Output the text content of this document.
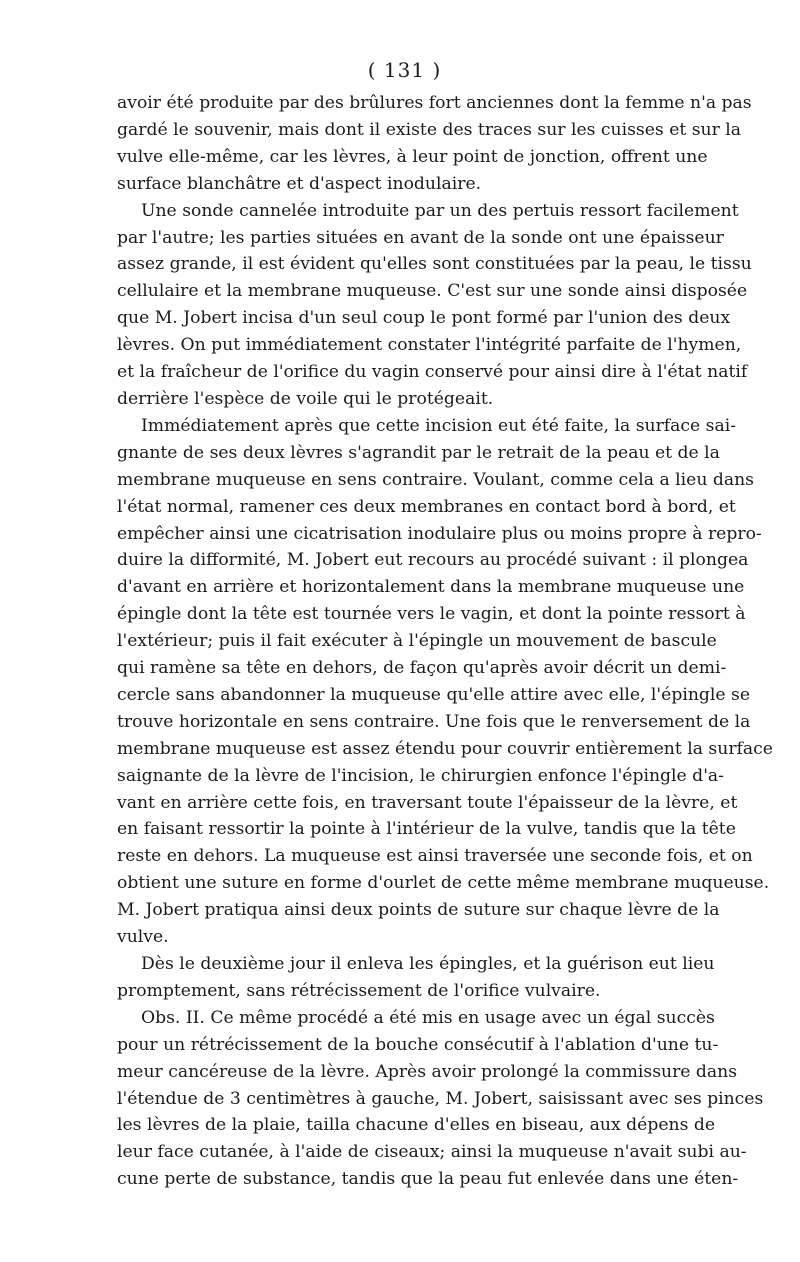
( 131 )
avoir été produite par des brûlures fort anciennes dont la femme n'a pas
gardé le souvenir, mais dont il existe des traces sur les cuisses et sur la
vulve elle-même, car les lèvres, à leur point de jonction, offrent une
surface blanchâtre et d'aspect inodulaire.
Une sonde cannelée introduite par un des pertuis ressort facilement
par l'autre; les parties situées en avant de la sonde ont une épaisseur
assez grande, il est évident qu'elles sont constituées par la peau, le tissu
cellulaire et la membrane muqueuse. C'est sur une sonde ainsi disposée
que M. Jobert incisa d'un seul coup le pont formé par l'union des deux
lèvres. On put immédiatement constater l'intégrité parfaite de l'hymen,
et la fraîcheur de l'orifice du vagin conservé pour ainsi dire à l'état natif
derrière l'espèce de voile qui le protégeait.
Immédiatement après que cette incision eut été faite, la surface sai-
gnante de ses deux lèvres s'agrandit par le retrait de la peau et de la
membrane muqueuse en sens contraire. Voulant, comme cela a lieu dans
l'état normal, ramener ces deux membranes en contact bord à bord, et
empêcher ainsi une cicatrisation inodulaire plus ou moins propre à repro-
duire la difformité, M. Jobert eut recours au procédé suivant : il plongea
d'avant en arrière et horizontalement dans la membrane muqueuse une
épingle dont la tête est tournée vers le vagin, et dont la pointe ressort à
l'extérieur; puis il fait exécuter à l'épingle un mouvement de bascule
qui ramène sa tête en dehors, de façon qu'après avoir décrit un demi-
cercle sans abandonner la muqueuse qu'elle attire avec elle, l'épingle se
trouve horizontale en sens contraire. Une fois que le renversement de la
membrane muqueuse est assez étendu pour couvrir entièrement la surface
saignante de la lèvre de l'incision, le chirurgien enfonce l'épingle d'a-
vant en arrière cette fois, en traversant toute l'épaisseur de la lèvre, et
en faisant ressortir la pointe à l'intérieur de la vulve, tandis que la tête
reste en dehors. La muqueuse est ainsi traversée une seconde fois, et on
obtient une suture en forme d'ourlet de cette même membrane muqueuse.
M. Jobert pratiqua ainsi deux points de suture sur chaque lèvre de la
vulve.
Dès le deuxième jour il enleva les épingles, et la guérison eut lieu
promptement, sans rétrécissement de l'orifice vulvaire.
Obs. II. Ce même procédé a été mis en usage avec un égal succès
pour un rétrécissement de la bouche consécutif à l'ablation d'une tu-
meur cancéreuse de la lèvre. Après avoir prolongé la commissure dans
l'étendue de 3 centimètres à gauche, M. Jobert, saisissant avec ses pinces
les lèvres de la plaie, tailla chacune d'elles en biseau, aux dépens de
leur face cutanée, à l'aide de ciseaux; ainsi la muqueuse n'avait subi au-
cune perte de substance, tandis que la peau fut enlevée dans une éten-
